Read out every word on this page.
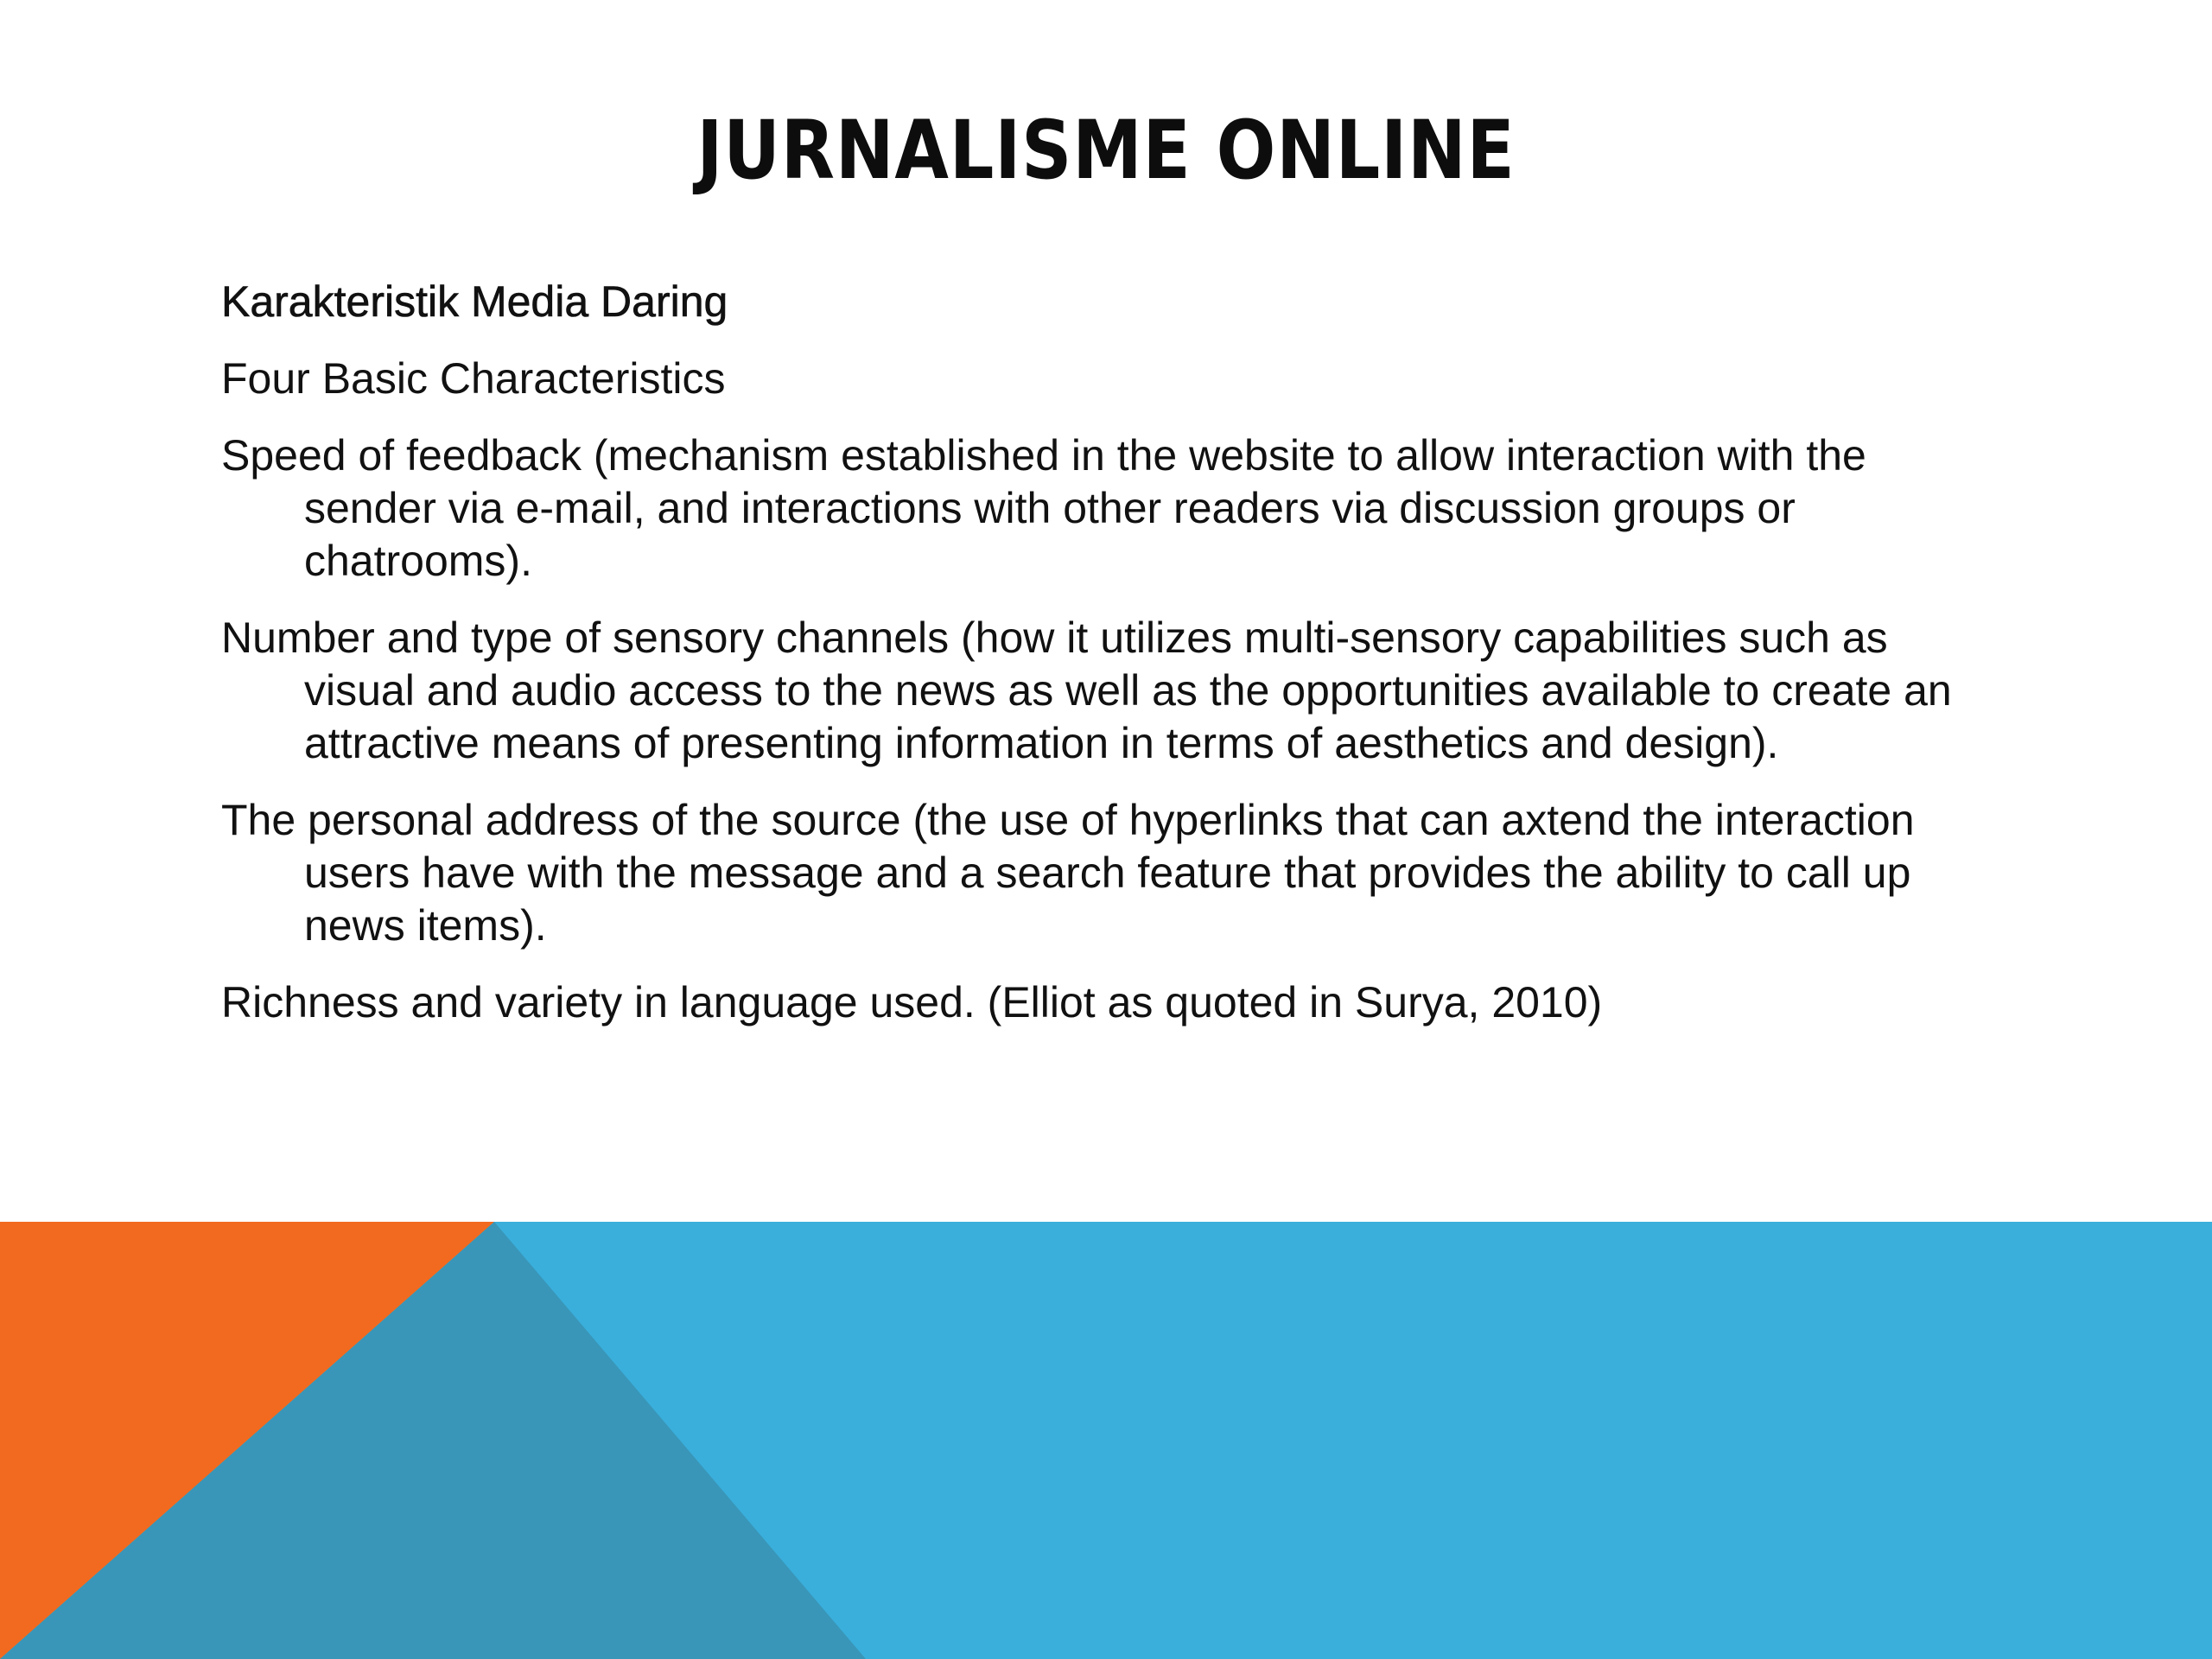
JURNALISME ONLINE
Karakteristik Media Daring
Four Basic Characteristics
Speed of feedback (mechanism established in the website to allow interaction with the sender via e-mail, and interactions with other readers via discussion groups or chatrooms).
Number and type of sensory channels (how it utilizes multi-sensory capabilities such as visual and audio access to the news as well as the opportunities available to create an attractive means of presenting information in terms of aesthetics and design).
The personal address of the source (the use of hyperlinks that can axtend the interaction users have with the message and a search feature that provides the ability to call up news items).
Richness and variety in language used. (Elliot as quoted in Surya, 2010)
